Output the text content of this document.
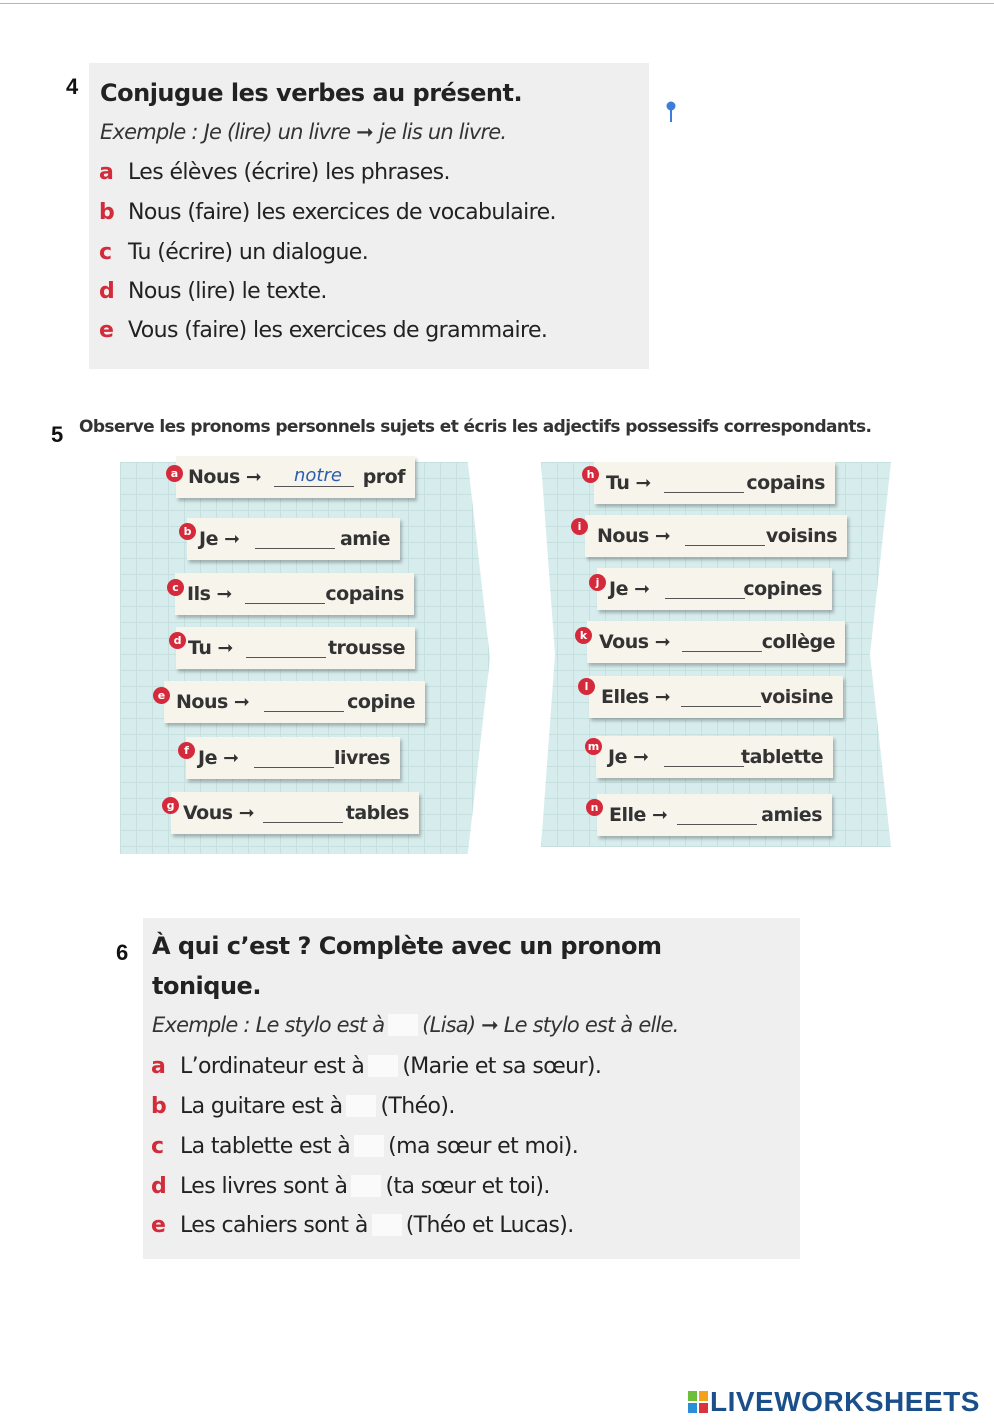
4 Conjugue les verbes au présent.
Exemple : Je (lire) un livre ➞ je lis un livre.
a Les élèves (écrire) les phrases.
b Nous (faire) les exercices de vocabulaire.
c Tu (écrire) un dialogue.
d Nous (lire) le texte.
e Vous (faire) les exercices de grammaire.
5 Observe les pronoms personnels sujets et écris les adjectifs possessifs correspondants.
Nous ➞ notre prof
a
Je ➞	amie
b
Ils ➞	copains
c
Tu ➞	trousse
d
Nous ➞	copine
e
Je ➞	livres
f
Vous ➞	tables
g
Tu ➞	copains
h
Nous ➞	voisins
i
Je ➞	copines
j
Vous ➞	collège
k
Elles ➞	voisine
l
Je ➞	tablette
m
Elle ➞	amies
n
6 À qui c’est ? Complète avec un pronom
tonique.
Exemple : Le stylo est à (Lisa) ➞ Le stylo est à elle.
a L’ordinateur est à (Marie et sa sœur).
b La guitare est à (Théo).
c La tablette est à (ma sœur et moi).
d Les livres sont à (ta sœur et toi).
e Les cahiers sont à (Théo et Lucas).
LIVEWORKSHEETS
